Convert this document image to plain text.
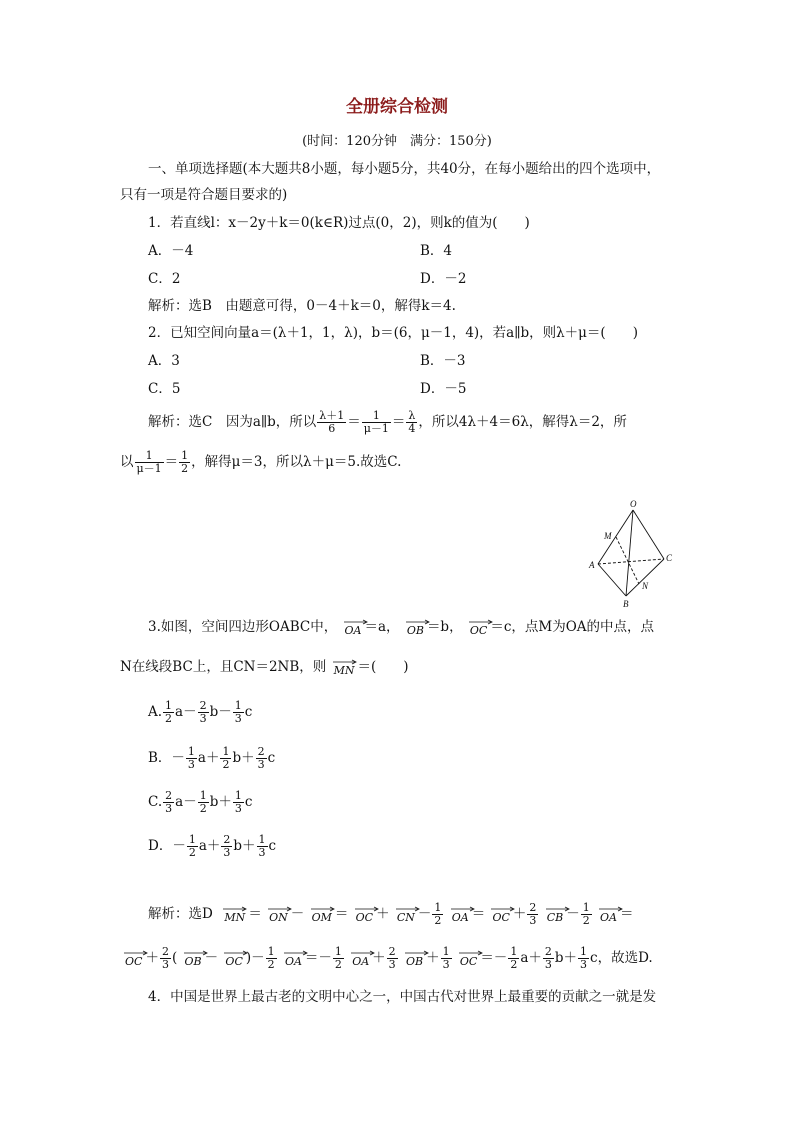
全册综合检测
(时间：120分钟　满分：150分)
一、单项选择题(本大题共8小题，每小题5分，共40分，在每小题给出的四个选项中，
只有一项是符合题目要求的)
1．若直线l：x－2y＋k＝0(k∈R)过点(0，2)，则k的值为(　　)
A．－4	B．4
C．2	D．－2
解析：选B　由题意可得，0－4＋k＝0，解得k＝4.
2．已知空间向量a＝(λ＋1，1，λ)，b＝(6，μ－1，4)，若a∥b，则λ＋μ＝(　　)
A．3	B．－3
C．5	D．－5
解析：选C　因为a∥b，所以 $\frac{\lambda+1}{6} = \frac{1}{\mu-1} = \frac{\lambda}{4}$ ，所以4λ＋4＝6λ，解得λ＝2，所
以 $\frac{1}{\mu-1} = \frac{1}{2}$ ，解得μ＝3，所以λ＋μ＝5.故选C.
O
M
A
C
N
B
3.如图，空间四边形OABC中， OA ＝a， OB ＝b， OC ＝c，点M为OA的中点，点
N在线段BC上，且CN＝2NB，则 MN ＝(　　)
A. $\frac{1}{2} a- \frac{2}{3} b- \frac{1}{3}$ c
B．－ $\frac{1}{3} a+ \frac{1}{2} b+ \frac{2}{3}$ c
C. $\frac{2}{3} a- \frac{1}{2} b+ \frac{1}{3}$ c
D．－ $\frac{1}{2} a+ \frac{2}{3} b+ \frac{1}{3}$ c
解析：选D MN ＝ ON － OM ＝ OC ＋ CN － $\frac{1}{2}$
OA ＝ OC ＋ $\frac{2}{3}$
CB － $\frac{1}{2}$
OA ＝
OC ＋ $\frac{2}{3}$ ( OB － OC )－ $\frac{1}{2}$
OA ＝－ $\frac{1}{2}$
OA ＋ $\frac{2}{3}$
OB ＋ $\frac{1}{3}$
OC ＝－ $\frac{1}{2} a+ \frac{2}{3} b+ \frac{1}{3}$ c，故选D.
4．中国是世界上最古老的文明中心之一，中国古代对世界上最重要的贡献之一就是发
